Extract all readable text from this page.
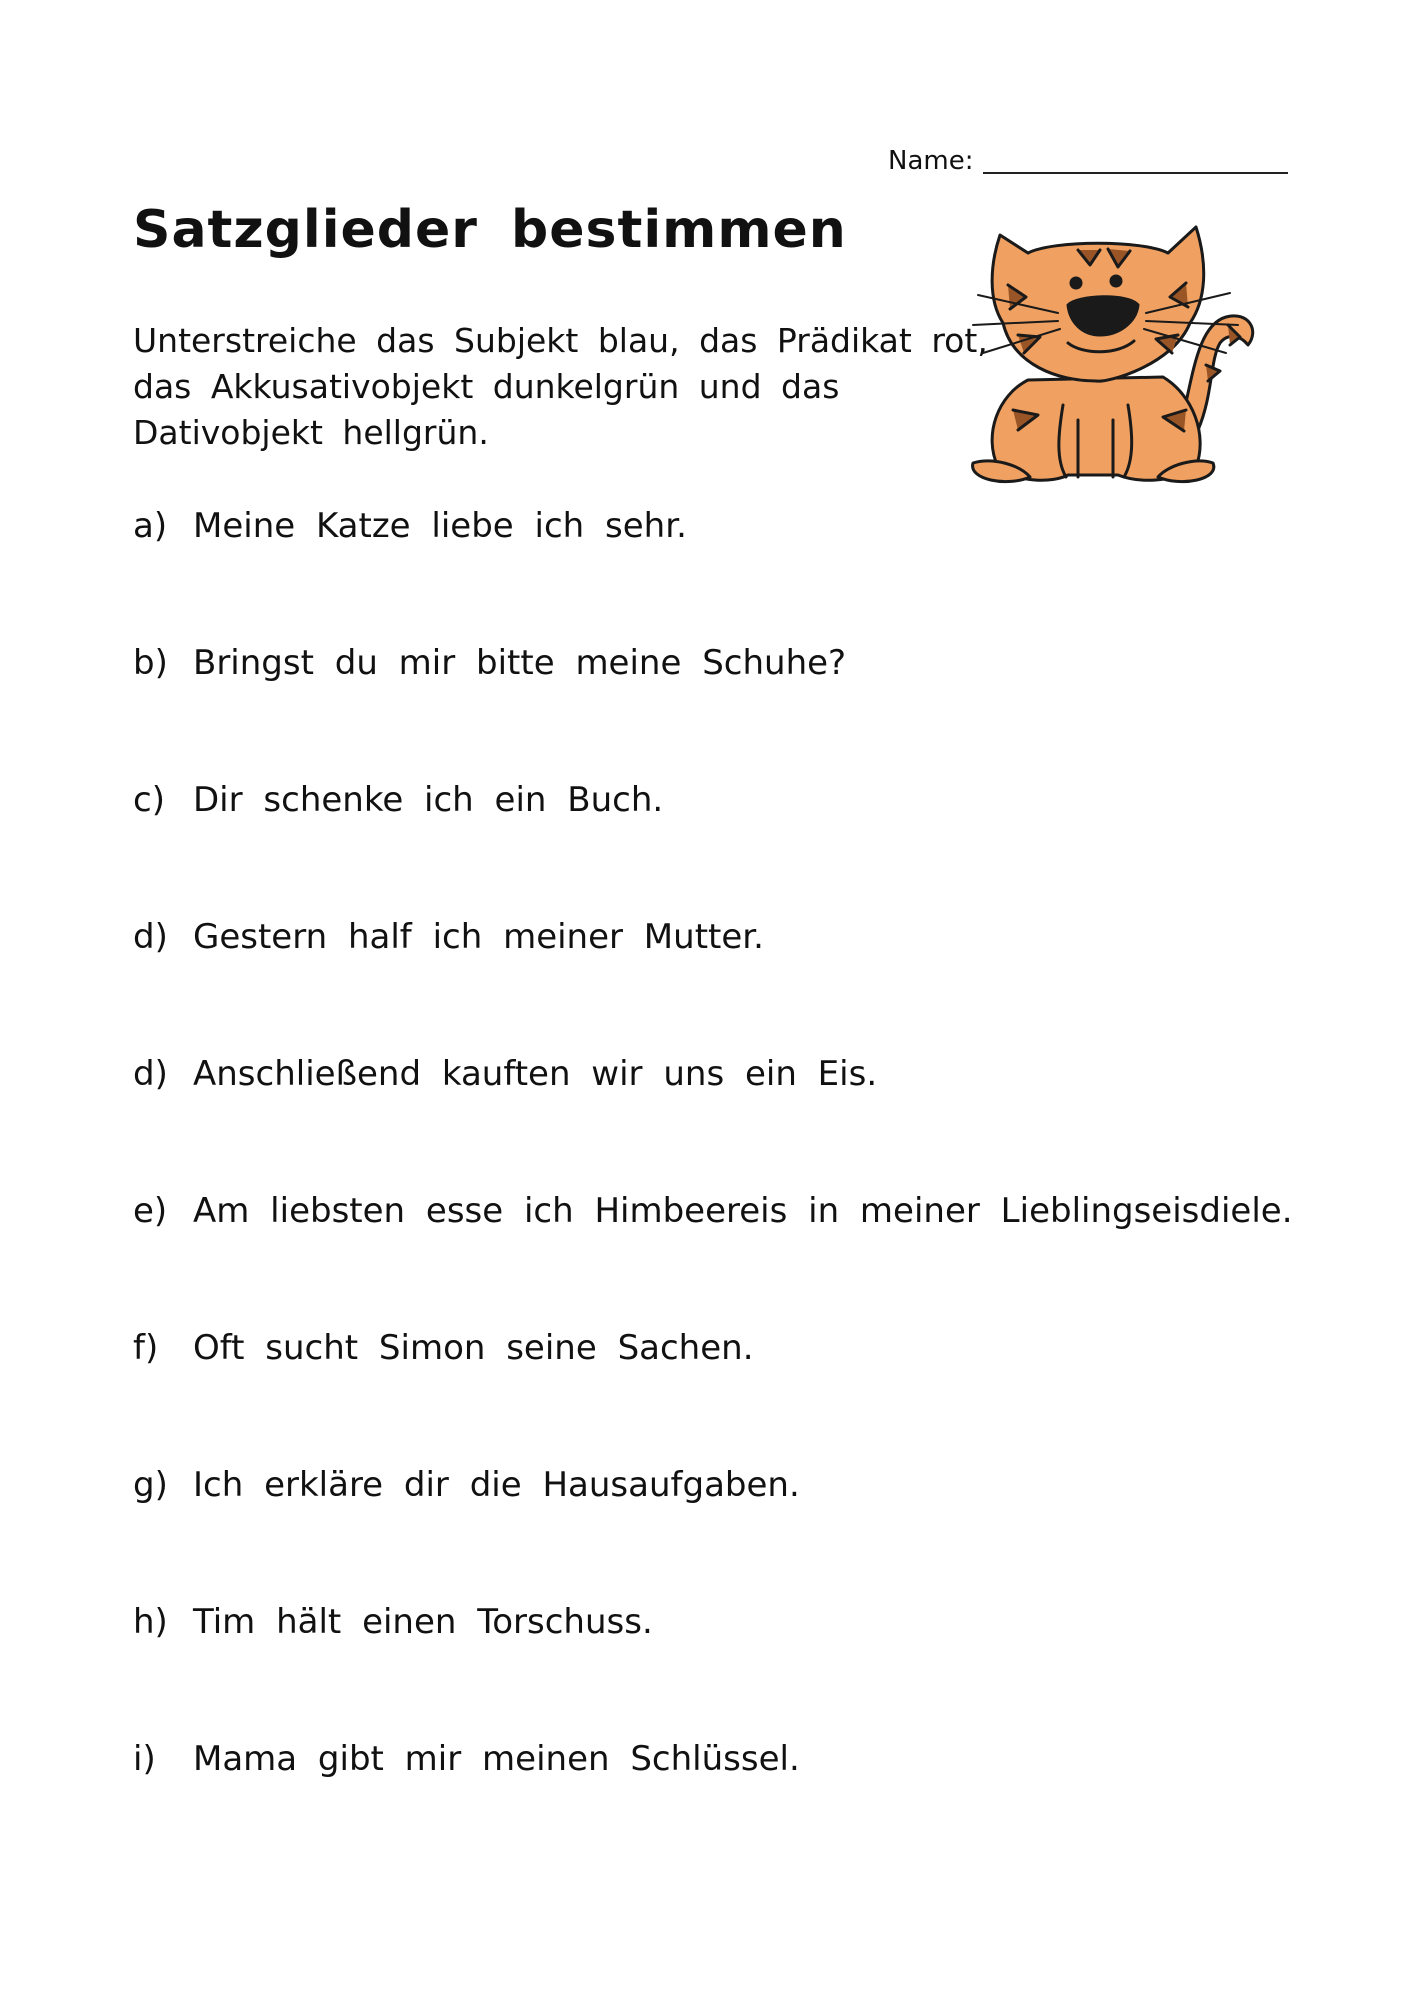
Name:
Satzglieder bestimmen
Unterstreiche das Subjekt blau, das Prädikat rot,
das Akkusativobjekt dunkelgrün und das
Dativobjekt hellgrün.
a) Meine Katze liebe ich sehr.
b) Bringst du mir bitte meine Schuhe?
c) Dir schenke ich ein Buch.
d) Gestern half ich meiner Mutter.
d) Anschließend kauften wir uns ein Eis.
e) Am liebsten esse ich Himbeereis in meiner Lieblingseisdiele.
f)	Oft sucht Simon seine Sachen.
g) Ich erkläre dir die Hausaufgaben.
h) Tim hält einen Torschuss.
i)	Mama gibt mir meinen Schlüssel.
